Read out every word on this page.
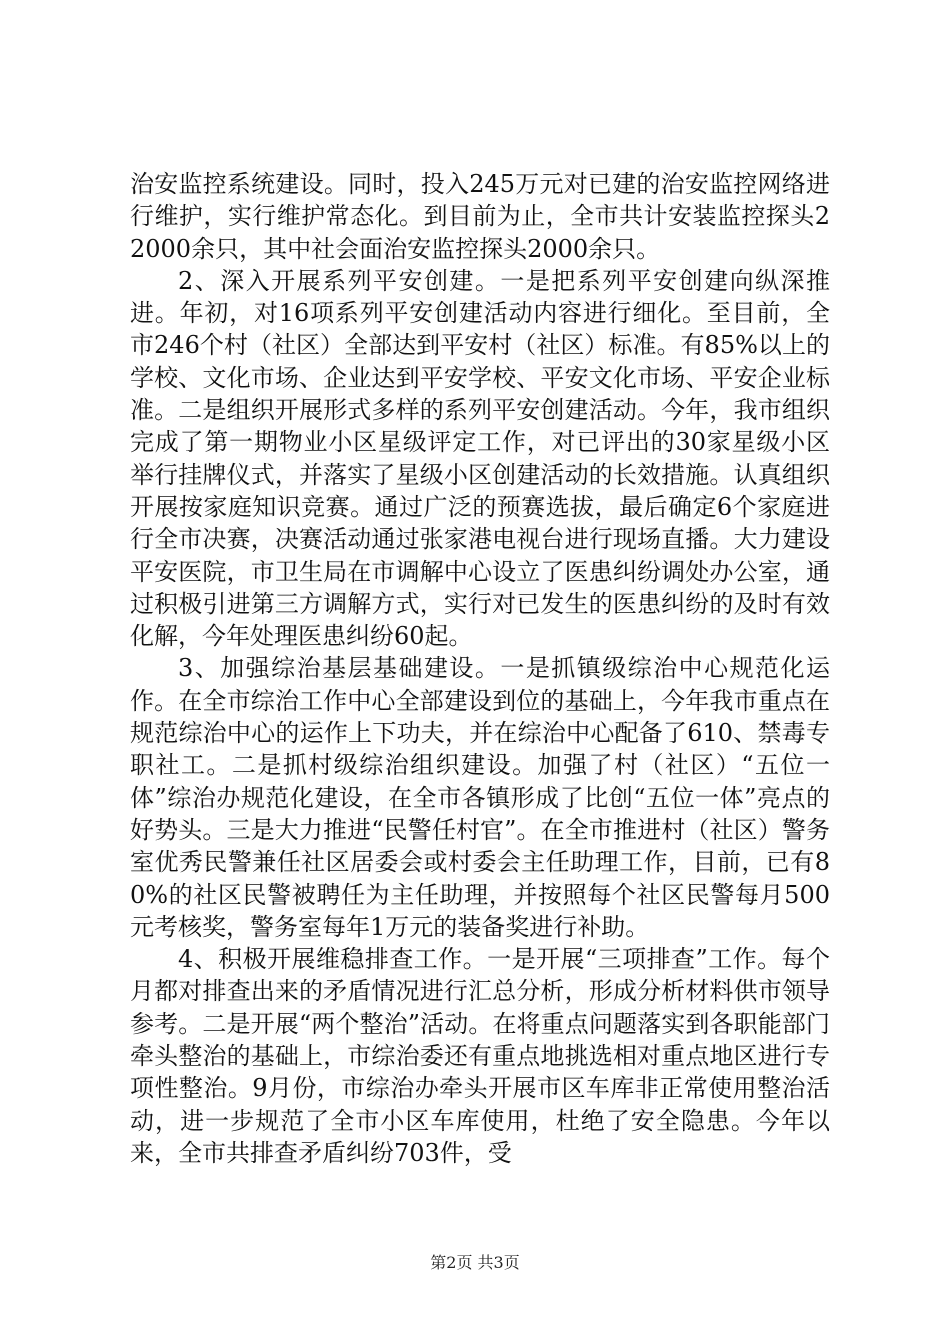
治安监控系统建设。同时，投入245万元对已建的治安监控网络进行维护，实行维护常态化。到目前为止，全市共计安装监控探头22000余只，其中社会面治安监控探头2000余只。

2、深入开展系列平安创建。一是把系列平安创建向纵深推进。年初，对16项系列平安创建活动内容进行细化。至目前，全市246个村（社区）全部达到平安村（社区）标准。有85%以上的学校、文化市场、企业达到平安学校、平安文化市场、平安企业标准。二是组织开展形式多样的系列平安创建活动。今年，我市组织完成了第一期物业小区星级评定工作，对已评出的30家星级小区举行挂牌仪式，并落实了星级小区创建活动的长效措施。认真组织开展按家庭知识竞赛。通过广泛的预赛选拔，最后确定6个家庭进行全市决赛，决赛活动通过张家港电视台进行现场直播。大力建设平安医院，市卫生局在市调解中心设立了医患纠纷调处办公室，通过积极引进第三方调解方式，实行对已发生的医患纠纷的及时有效化解，今年处理医患纠纷60起。

3、加强综治基层基础建设。一是抓镇级综治中心规范化运作。在全市综治工作中心全部建设到位的基础上，今年我市重点在规范综治中心的运作上下功夫，并在综治中心配备了610、禁毒专职社工。二是抓村级综治组织建设。加强了村（社区）“五位一体”综治办规范化建设，在全市各镇形成了比创“五位一体”亮点的好势头。三是大力推进“民警任村官”。在全市推进村（社区）警务室优秀民警兼任社区居委会或村委会主任助理工作，目前，已有80%的社区民警被聘任为主任助理，并按照每个社区民警每月500元考核奖，警务室每年1万元的装备奖进行补助。

4、积极开展维稳排查工作。一是开展“三项排查”工作。每个月都对排查出来的矛盾情况进行汇总分析，形成分析材料供市领导参考。二是开展“两个整治”活动。在将重点问题落实到各职能部门牵头整治的基础上，市综治委还有重点地挑选相对重点地区进行专项性整治。9月份，市综治办牵头开展市区车库非正常使用整治活动，进一步规范了全市小区车库使用，杜绝了安全隐患。今年以来，全市共排查矛盾纠纷703件，受

第2页 共3页
